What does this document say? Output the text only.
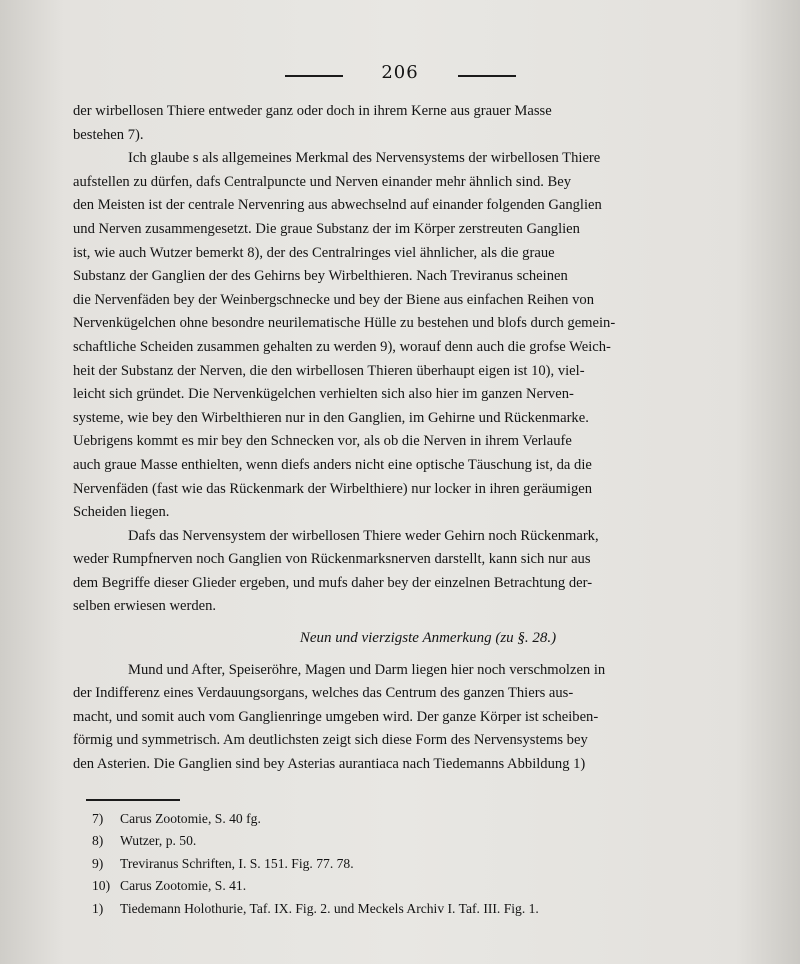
206

der wirbellosen Thiere entweder ganz oder doch in ihrem Kerne aus grauer Masse
bestehen 7).

Ich glaube s als allgemeines Merkmal des Nervensystems der wirbellosen Thiere
aufstellen zu dürfen, dafs Centralpuncte und Nerven einander mehr ähnlich sind. Bey
den Meisten ist der centrale Nervenring aus abwechselnd auf einander folgenden Ganglien
und Nerven zusammengesetzt. Die graue Substanz der im Körper zerstreuten Ganglien
ist, wie auch Wutzer bemerkt 8), der des Centralringes viel ähnlicher, als die graue
Substanz der Ganglien der des Gehirns bey Wirbelthieren. Nach Treviranus scheinen
die Nervenfäden bey der Weinbergschnecke und bey der Biene aus einfachen Reihen von
Nervenkügelchen ohne besondre neurilematische Hülle zu bestehen und blofs durch gemein-
schaftliche Scheiden zusammen gehalten zu werden 9), worauf denn auch die grofse Weich-
heit der Substanz der Nerven, die den wirbellosen Thieren überhaupt eigen ist 10), viel-
leicht sich gründet. Die Nervenkügelchen verhielten sich also hier im ganzen Nerven-
systeme, wie bey den Wirbelthieren nur in den Ganglien, im Gehirne und Rückenmarke.
Uebrigens kommt es mir bey den Schnecken vor, als ob die Nerven in ihrem Verlaufe
auch graue Masse enthielten, wenn diefs anders nicht eine optische Täuschung ist, da die
Nervenfäden (fast wie das Rückenmark der Wirbelthiere) nur locker in ihren geräumigen
Scheiden liegen.

Dafs das Nervensystem der wirbellosen Thiere weder Gehirn noch Rückenmark,
weder Rumpfnerven noch Ganglien von Rückenmarksnerven darstellt, kann sich nur aus
dem Begriffe dieser Glieder ergeben, und mufs daher bey der einzelnen Betrachtung der-
selben erwiesen werden.

Neun und vierzigste Anmerkung (zu §. 28.)

Mund und After, Speiseröhre, Magen und Darm liegen hier noch verschmolzen in
der Indifferenz eines Verdauungsorgans, welches das Centrum des ganzen Thiers aus-
macht, und somit auch vom Ganglienringe umgeben wird. Der ganze Körper ist scheiben-
förmig und symmetrisch. Am deutlichsten zeigt sich diese Form des Nervensystems bey
den Asterien. Die Ganglien sind bey Asterias aurantiaca nach Tiedemanns Abbildung 1)

7) Carus Zootomie, S. 40 fg.
8) Wutzer, p. 50.
9) Treviranus Schriften, I. S. 151. Fig. 77. 78.
10) Carus Zootomie, S. 41.
1) Tiedemann Holothurie, Taf. IX. Fig. 2. und Meckels Archiv I. Taf. III. Fig. 1.
